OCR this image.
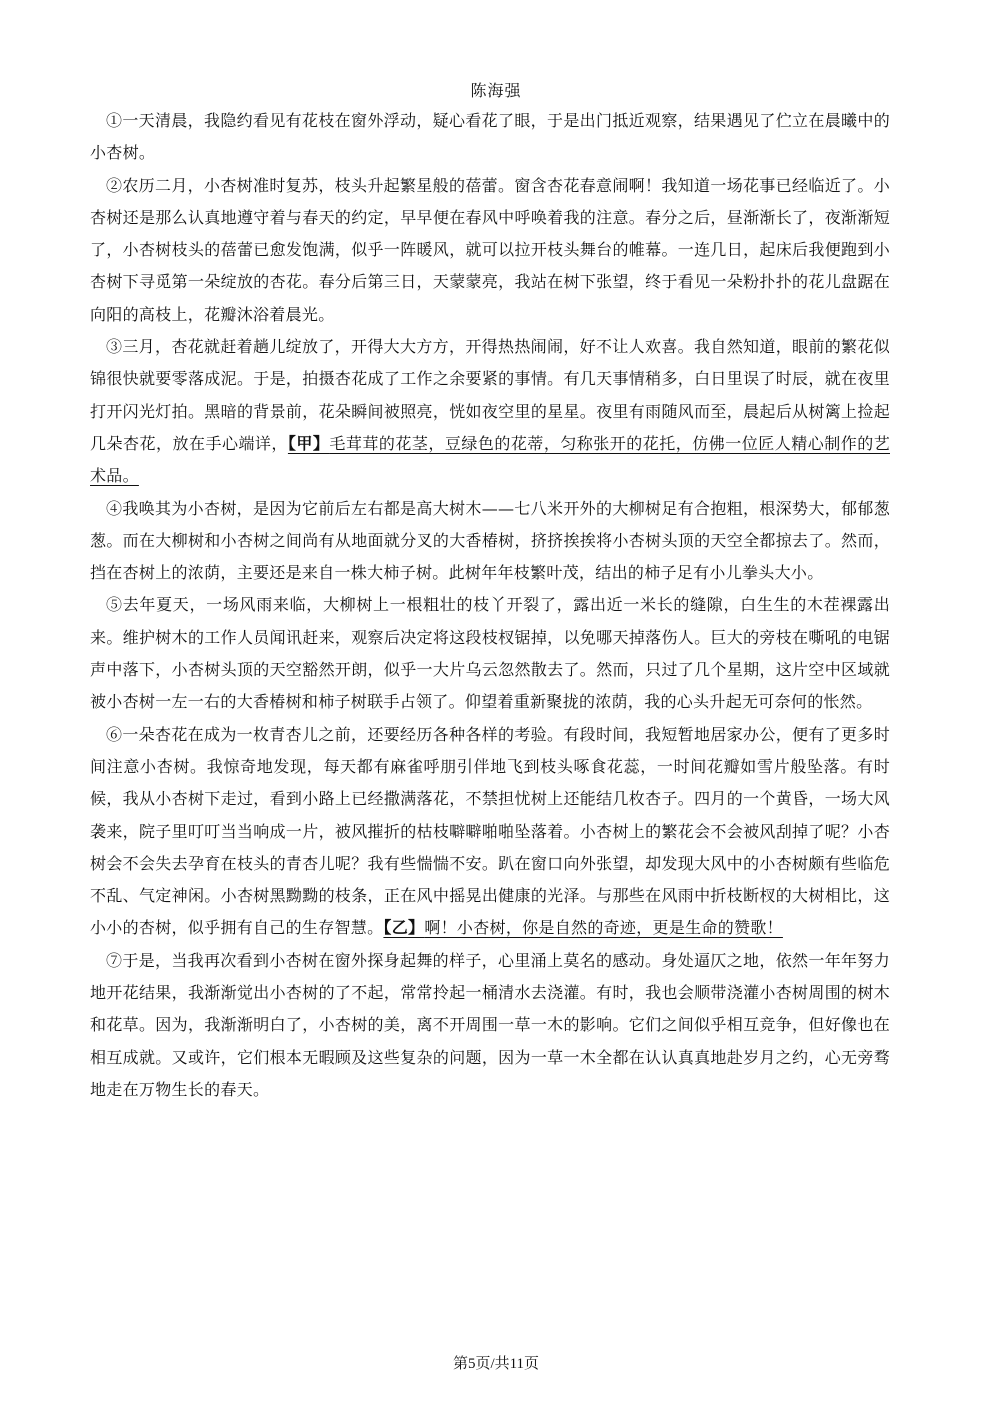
陈海强

①一天清晨，我隐约看见有花枝在窗外浮动，疑心看花了眼，于是出门抵近观察，结果遇见了伫立在晨曦中的小杏树。

②农历二月，小杏树准时复苏，枝头升起繁星般的蓓蕾。窗含杏花春意闹啊！我知道一场花事已经临近了。小杏树还是那么认真地遵守着与春天的约定，早早便在春风中呼唤着我的注意。春分之后，昼渐渐长了，夜渐渐短了，小杏树枝头的蓓蕾已愈发饱满，似乎一阵暖风，就可以拉开枝头舞台的帷幕。一连几日，起床后我便跑到小杏树下寻觅第一朵绽放的杏花。春分后第三日，天蒙蒙亮，我站在树下张望，终于看见一朵粉扑扑的花儿盘踞在向阳的高枝上，花瓣沐浴着晨光。

③三月，杏花就赶着趟儿绽放了，开得大大方方，开得热热闹闹，好不让人欢喜。我自然知道，眼前的繁花似锦很快就要零落成泥。于是，拍摄杏花成了工作之余要紧的事情。有几天事情稍多，白日里误了时辰，就在夜里打开闪光灯拍。黑暗的背景前，花朵瞬间被照亮，恍如夜空里的星星。夜里有雨随风而至，晨起后从树篱上捡起几朵杏花，放在手心端详，【甲】毛茸茸的花茎，豆绿色的花蒂，匀称张开的花托，仿佛一位匠人精心制作的艺术品。

④我唤其为小杏树，是因为它前后左右都是高大树木——七八米开外的大柳树足有合抱粗，根深势大，郁郁葱葱。而在大柳树和小杏树之间尚有从地面就分叉的大香椿树，挤挤挨挨将小杏树头顶的天空全都掠去了。然而，挡在杏树上的浓荫，主要还是来自一株大柿子树。此树年年枝繁叶茂，结出的柿子足有小儿拳头大小。

⑤去年夏天，一场风雨来临，大柳树上一根粗壮的枝丫开裂了，露出近一米长的缝隙，白生生的木茬裸露出来。维护树木的工作人员闻讯赶来，观察后决定将这段枝杈锯掉，以免哪天掉落伤人。巨大的旁枝在嘶吼的电锯声中落下，小杏树头顶的天空豁然开朗，似乎一大片乌云忽然散去了。然而，只过了几个星期，这片空中区域就被小杏树一左一右的大香椿树和柿子树联手占领了。仰望着重新聚拢的浓荫，我的心头升起无可奈何的怅然。

⑥一朵杏花在成为一枚青杏儿之前，还要经历各种各样的考验。有段时间，我短暂地居家办公，便有了更多时间注意小杏树。我惊奇地发现，每天都有麻雀呼朋引伴地飞到枝头啄食花蕊，一时间花瓣如雪片般坠落。有时候，我从小杏树下走过，看到小路上已经撒满落花，不禁担忧树上还能结几枚杏子。四月的一个黄昏，一场大风袭来，院子里叮叮当当响成一片，被风摧折的枯枝噼噼啪啪坠落着。小杏树上的繁花会不会被风刮掉了呢？小杏树会不会失去孕育在枝头的青杏儿呢？我有些惴惴不安。趴在窗口向外张望，却发现大风中的小杏树颇有些临危不乱、气定神闲。小杏树黑黝黝的枝条，正在风中摇晃出健康的光泽。与那些在风雨中折枝断杈的大树相比，这小小的杏树，似乎拥有自己的生存智慧。【乙】啊！小杏树，你是自然的奇迹，更是生命的赞歌！

⑦于是，当我再次看到小杏树在窗外探身起舞的样子，心里涌上莫名的感动。身处逼仄之地，依然一年年努力地开花结果，我渐渐觉出小杏树的了不起，常常拎起一桶清水去浇灌。有时，我也会顺带浇灌小杏树周围的树木和花草。因为，我渐渐明白了，小杏树的美，离不开周围一草一木的影响。它们之间似乎相互竞争，但好像也在相互成就。又或许，它们根本无暇顾及这些复杂的问题，因为一草一木全都在认认真真地赴岁月之约，心无旁骛地走在万物生长的春天。

第5页/共11页
